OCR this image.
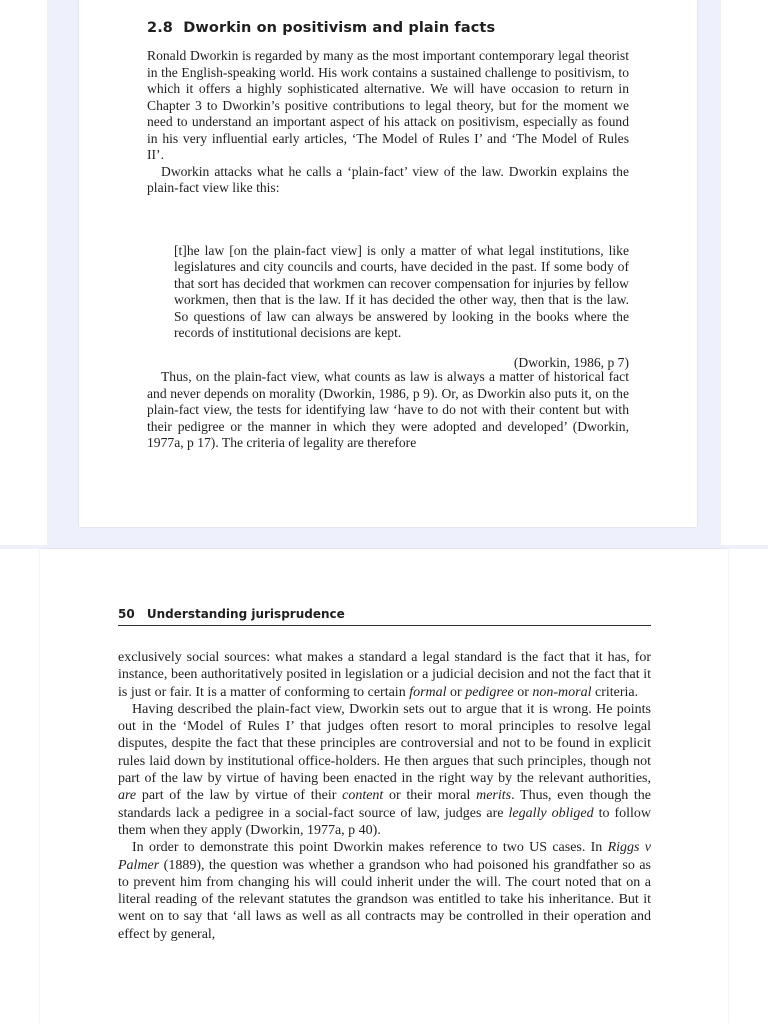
2.8 Dworkin on positivism and plain facts

Ronald Dworkin is regarded by many as the most important contemporary legal theorist in the English-speaking world. His work contains a sustained challenge to positivism, to which it offers a highly sophisticated alternative. We will have occasion to return in Chapter 3 to Dworkin’s positive contributions to legal theory, but for the moment we need to understand an important aspect of his attack on positivism, especially as found in his very influential early articles, ‘The Model of Rules I’ and ‘The Model of Rules II’.

Dworkin attacks what he calls a ‘plain-fact’ view of the law. Dworkin explains the plain-fact view like this:

[t]he law [on the plain-fact view] is only a matter of what legal institutions, like legislatures and city councils and courts, have decided in the past. If some body of that sort has decided that workmen can recover compensation for injuries by fellow workmen, then that is the law. If it has decided the other way, then that is the law. So questions of law can always be answered by looking in the books where the records of institutional decisions are kept.

(Dworkin, 1986, p 7)

Thus, on the plain-fact view, what counts as law is always a matter of historical fact and never depends on morality (Dworkin, 1986, p 9). Or, as Dworkin also puts it, on the plain-fact view, the tests for identifying law ‘have to do not with their content but with their pedigree or the manner in which they were adopted and developed’ (Dworkin, 1977a, p 17). The criteria of legality are therefore

50 Understanding jurisprudence

exclusively social sources: what makes a standard a legal standard is the fact that it has, for instance, been authoritatively posited in legislation or a judicial decision and not the fact that it is just or fair. It is a matter of conforming to certain formal or pedigree or non-moral criteria.

Having described the plain-fact view, Dworkin sets out to argue that it is wrong. He points out in the ‘Model of Rules I’ that judges often resort to moral principles to resolve legal disputes, despite the fact that these principles are controversial and not to be found in explicit rules laid down by institutional office-holders. He then argues that such principles, though not part of the law by virtue of having been enacted in the right way by the relevant authorities, are part of the law by virtue of their content or their moral merits. Thus, even though the standards lack a pedigree in a social-fact source of law, judges are legally obliged to follow them when they apply (Dworkin, 1977a, p 40).

In order to demonstrate this point Dworkin makes reference to two US cases. In Riggs v Palmer (1889), the question was whether a grandson who had poisoned his grandfather so as to prevent him from changing his will could inherit under the will. The court noted that on a literal reading of the relevant statutes the grandson was entitled to take his inheritance. But it went on to say that ‘all laws as well as all contracts may be controlled in their operation and effect by general,
